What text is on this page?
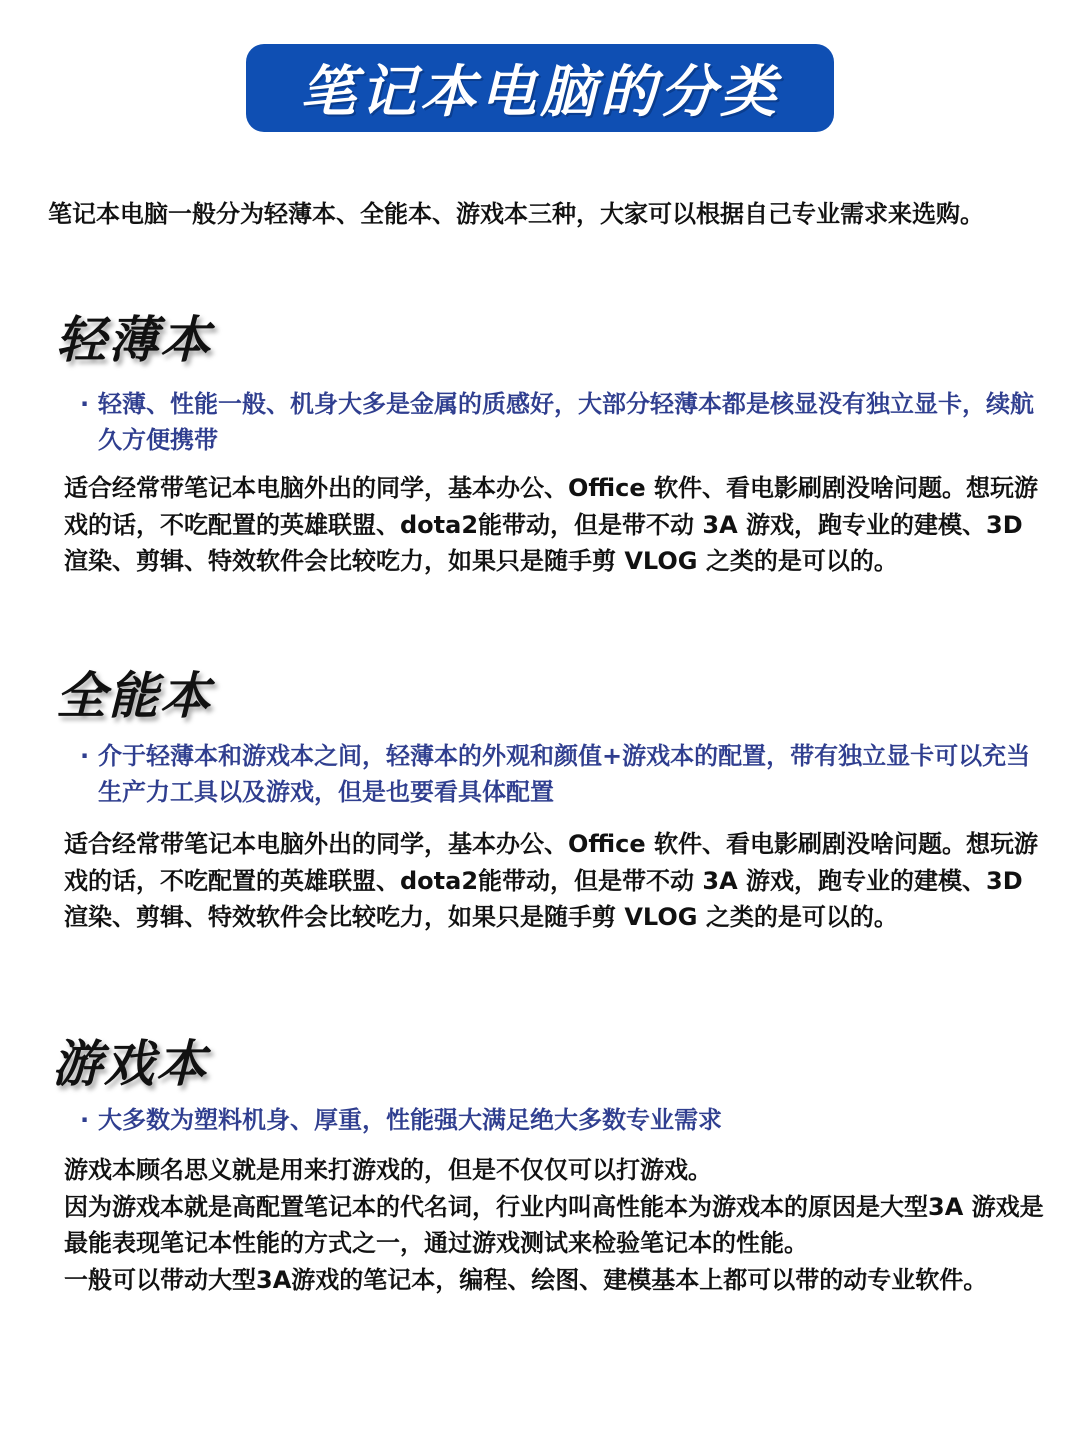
笔记本电脑的分类
笔记本电脑一般分为轻薄本、全能本、游戏本三种，大家可以根据自己专业需求来选购。
轻薄本
· 轻薄、性能一般、机身大多是金属的质感好，大部分轻薄本都是核显没有独立显卡，续航久方便携带
适合经常带笔记本电脑外出的同学，基本办公、Office 软件、看电影刷剧没啥问题。想玩游戏的话，不吃配置的英雄联盟、dota2能带动，但是带不动 3A 游戏，跑专业的建模、3D渲染、剪辑、特效软件会比较吃力，如果只是随手剪 VLOG 之类的是可以的。
全能本
· 介于轻薄本和游戏本之间，轻薄本的外观和颜值+游戏本的配置，带有独立显卡可以充当生产力工具以及游戏，但是也要看具体配置
适合经常带笔记本电脑外出的同学，基本办公、Office 软件、看电影刷剧没啥问题。想玩游戏的话，不吃配置的英雄联盟、dota2能带动，但是带不动 3A 游戏，跑专业的建模、3D渲染、剪辑、特效软件会比较吃力，如果只是随手剪 VLOG 之类的是可以的。
游戏本
· 大多数为塑料机身、厚重，性能强大满足绝大多数专业需求
游戏本顾名思义就是用来打游戏的，但是不仅仅可以打游戏。
因为游戏本就是高配置笔记本的代名词，行业内叫高性能本为游戏本的原因是大型3A 游戏是最能表现笔记本性能的方式之一，通过游戏测试来检验笔记本的性能。
一般可以带动大型3A游戏的笔记本，编程、绘图、建模基本上都可以带的动专业软件。
